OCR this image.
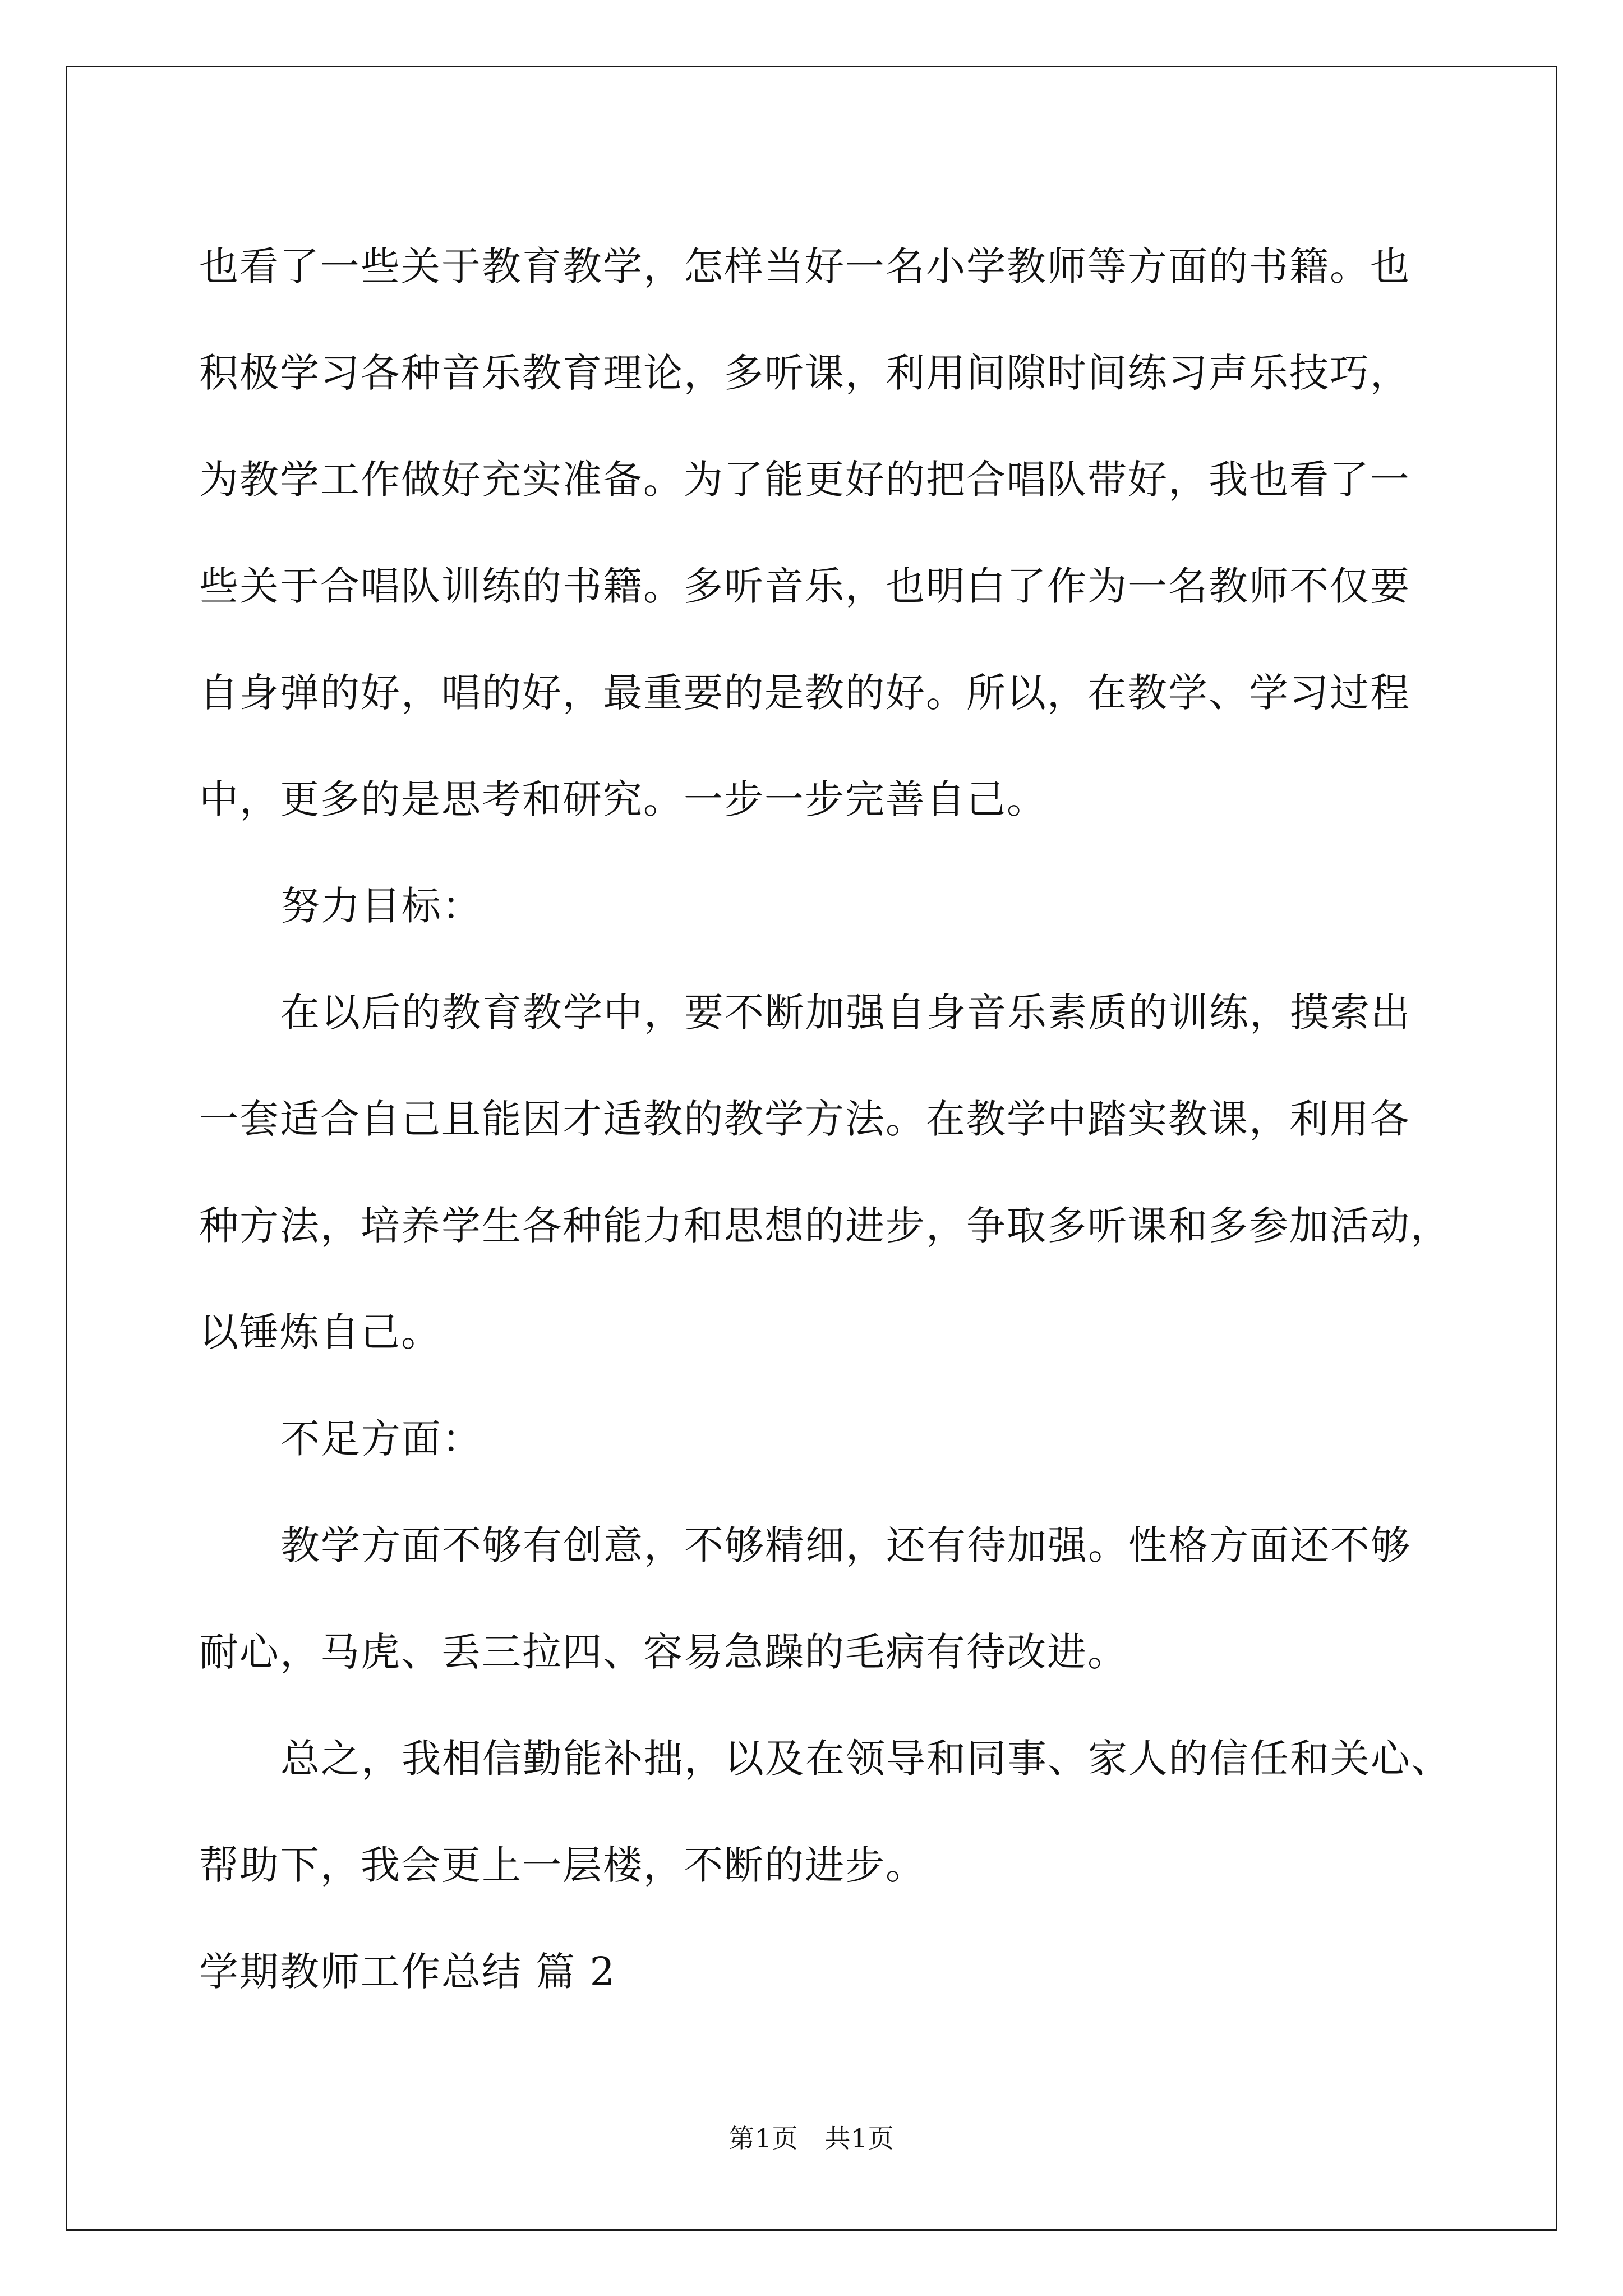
也看了一些关于教育教学，怎样当好一名小学教师等方面的书籍。也
积极学习各种音乐教育理论，多听课，利用间隙时间练习声乐技巧，
为教学工作做好充实准备。为了能更好的把合唱队带好，我也看了一
些关于合唱队训练的书籍。多听音乐，也明白了作为一名教师不仅要
自身弹的好，唱的好，最重要的是教的好。所以，在教学、学习过程
中，更多的是思考和研究。一步一步完善自己。
努力目标：
在以后的教育教学中，要不断加强自身音乐素质的训练，摸索出
一套适合自己且能因才适教的教学方法。在教学中踏实教课，利用各
种方法，培养学生各种能力和思想的进步，争取多听课和多参加活动，
以锤炼自己。
不足方面：
教学方面不够有创意，不够精细，还有待加强。性格方面还不够
耐心，马虎、丢三拉四、容易急躁的毛病有待改进。
总之，我相信勤能补拙，以及在领导和同事、家人的信任和关心、
帮助下，我会更上一层楼，不断的进步。
学期教师工作总结 篇 2
第1页   共1页
